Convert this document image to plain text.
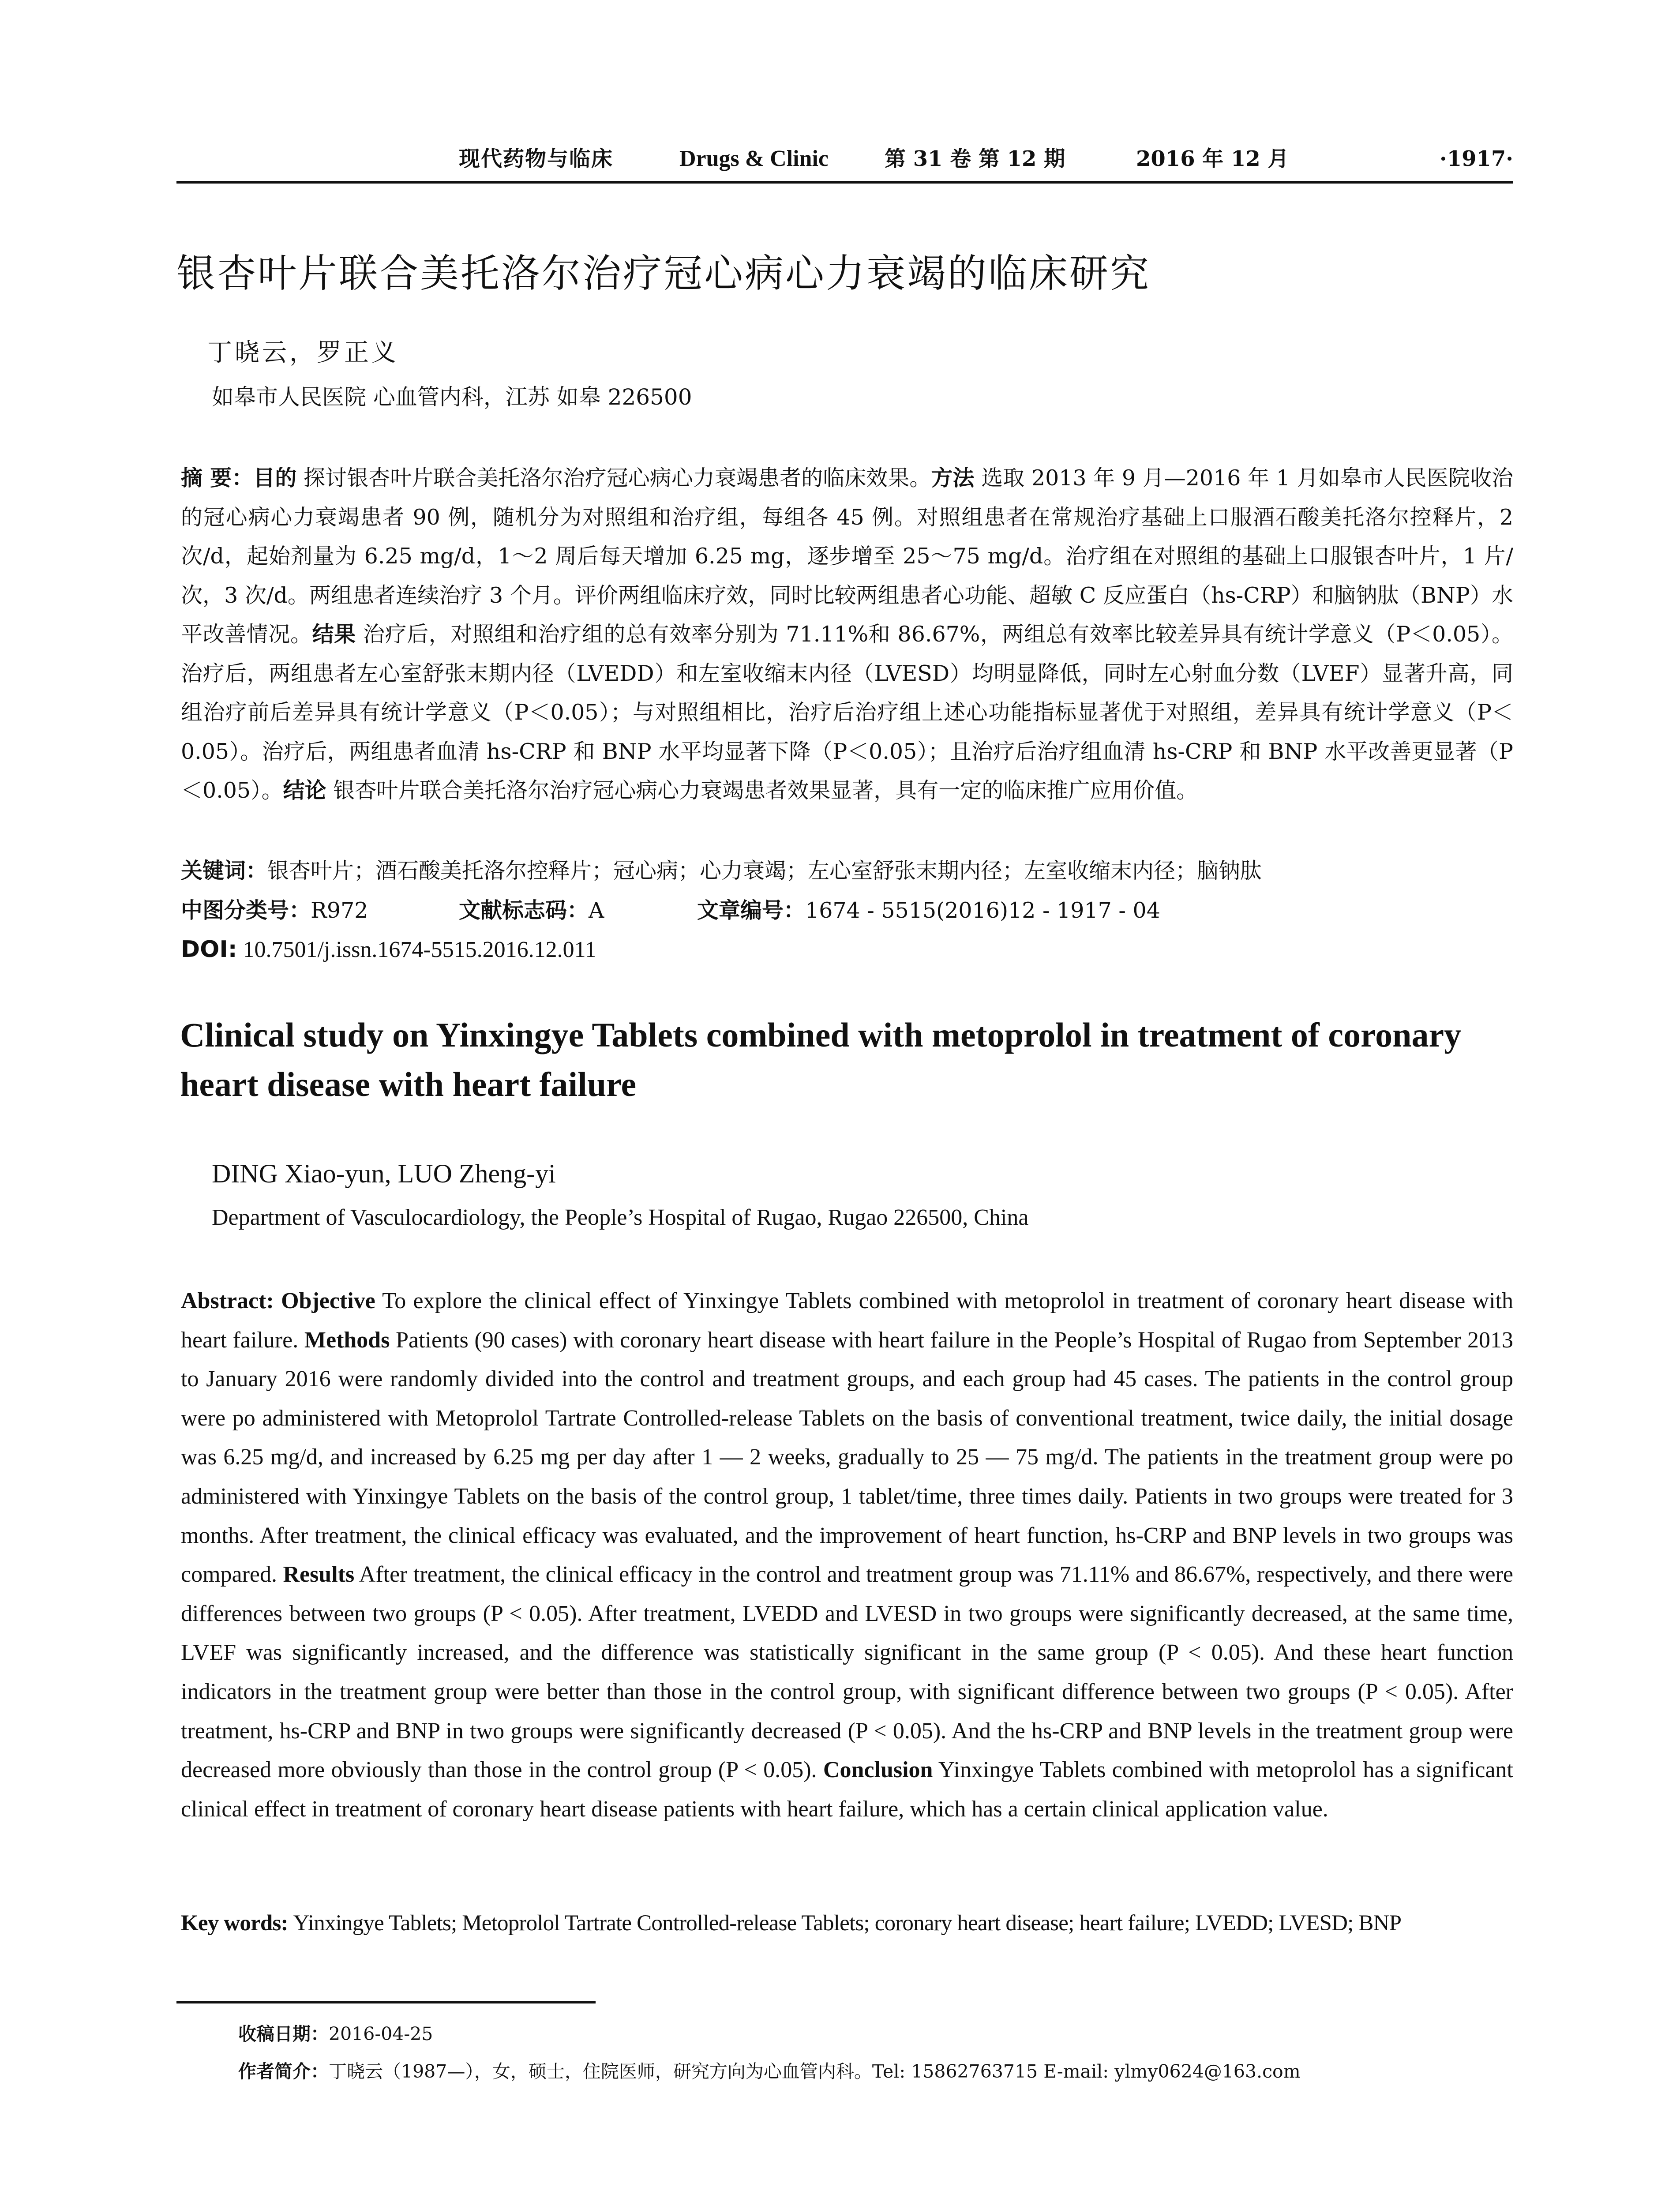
现代药物与临床	Drugs & Clinic	第 31 卷 第 12 期	2016 年 12 月	·1917·
银杏叶片联合美托洛尔治疗冠心病心力衰竭的临床研究
丁晓云，罗正义
如皋市人民医院 心血管内科，江苏 如皋 226500
摘 要：目的 探讨银杏叶片联合美托洛尔治疗冠心病心力衰竭患者的临床效果。方法 选取 2013 年 9 月—2016 年 1 月如皋市人民医院收治的冠心病心力衰竭患者 90 例，随机分为对照组和治疗组，每组各 45 例。对照组患者在常规治疗基础上口服酒石酸美托洛尔控释片，2 次/d，起始剂量为 6.25 mg/d，1～2 周后每天增加 6.25 mg，逐步增至 25～75 mg/d。治疗组在对照组的基础上口服银杏叶片，1 片/次，3 次/d。两组患者连续治疗 3 个月。评价两组临床疗效，同时比较两组患者心功能、超敏 C 反应蛋白（hs-CRP）和脑钠肽（BNP）水平改善情况。结果 治疗后，对照组和治疗组的总有效率分别为 71.11%和 86.67%，两组总有效率比较差异具有统计学意义（P＜0.05）。治疗后，两组患者左心室舒张末期内径（LVEDD）和左室收缩末内径（LVESD）均明显降低，同时左心射血分数（LVEF）显著升高，同组治疗前后差异具有统计学意义（P＜0.05）；与对照组相比，治疗后治疗组上述心功能指标显著优于对照组，差异具有统计学意义（P＜0.05）。治疗后，两组患者血清 hs-CRP 和 BNP 水平均显著下降（P＜0.05）；且治疗后治疗组血清 hs-CRP 和 BNP 水平改善更显著（P＜0.05）。结论 银杏叶片联合美托洛尔治疗冠心病心力衰竭患者效果显著，具有一定的临床推广应用价值。
关键词：银杏叶片；酒石酸美托洛尔控释片；冠心病；心力衰竭；左心室舒张末期内径；左室收缩末内径；脑钠肽
中图分类号：R972	文献标志码：A	文章编号：1674 - 5515(2016)12 - 1917 - 04
DOI: 10.7501/j.issn.1674-5515.2016.12.011
Clinical study on Yinxingye Tablets combined with metoprolol in treatment of coronary heart disease with heart failure
DING Xiao-yun, LUO Zheng-yi
Department of Vasculocardiology, the People’s Hospital of Rugao, Rugao 226500, China
Abstract: Objective To explore the clinical effect of Yinxingye Tablets combined with metoprolol in treatment of coronary heart disease with heart failure. Methods Patients (90 cases) with coronary heart disease with heart failure in the People’s Hospital of Rugao from September 2013 to January 2016 were randomly divided into the control and treatment groups, and each group had 45 cases. The patients in the control group were po administered with Metoprolol Tartrate Controlled-release Tablets on the basis of conventional treatment, twice daily, the initial dosage was 6.25 mg/d, and increased by 6.25 mg per day after 1 — 2 weeks, gradually to 25 — 75 mg/d. The patients in the treatment group were po administered with Yinxingye Tablets on the basis of the control group, 1 tablet/time, three times daily. Patients in two groups were treated for 3 months. After treatment, the clinical efficacy was evaluated, and the improvement of heart function, hs-CRP and BNP levels in two groups was compared. Results After treatment, the clinical efficacy in the control and treatment group was 71.11% and 86.67%, respectively, and there were differences between two groups (P < 0.05). After treatment, LVEDD and LVESD in two groups were significantly decreased, at the same time, LVEF was significantly increased, and the difference was statistically significant in the same group (P < 0.05). And these heart function indicators in the treatment group were better than those in the control group, with significant difference between two groups (P < 0.05). After treatment, hs-CRP and BNP in two groups were significantly decreased (P < 0.05). And the hs-CRP and BNP levels in the treatment group were decreased more obviously than those in the control group (P < 0.05). Conclusion Yinxingye Tablets combined with metoprolol has a significant clinical effect in treatment of coronary heart disease patients with heart failure, which has a certain clinical application value.
Key words: Yinxingye Tablets; Metoprolol Tartrate Controlled-release Tablets; coronary heart disease; heart failure; LVEDD; LVESD; BNP
收稿日期：2016-04-25
作者简介：丁晓云（1987—），女，硕士，住院医师，研究方向为心血管内科。Tel: 15862763715 E-mail: ylmy0624@163.com
